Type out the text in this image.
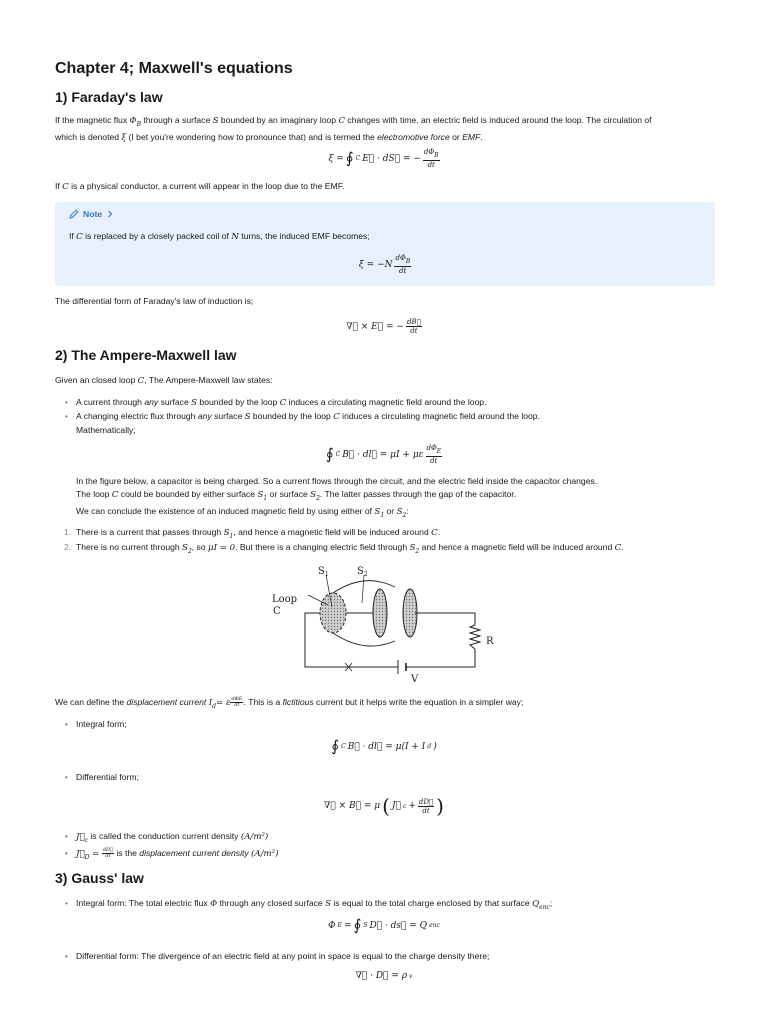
Chapter 4; Maxwell's equations
1) Faraday's law

If the magnetic flux $\Phi_B$ through a surface S bounded by an imaginary loop C changes with time, an electric field is induced around the loop. The circulation of
which is denoted ξ (I bet you're wondering how to pronounce that) and is termed the electromotive force or EMF.

ξ = ∮ C E⃗ · dS⃗ = − $\frac{\text{dΦB}}{dt}$

If C is a physical conductor, a current will appear in the loop due to the EMF.

Note
If C is replaced by a closely packed coil of N turns, the induced EMF becomes;
$\xi = -N \frac{\text{dΦB}}{dt}$

The differential form of Faraday's law of induction is;

∇⃗ × E⃗ = − $\frac{dB⃗}{dt}$
2) The Ampere-Maxwell law

Given an closed loop C, The Ampere-Maxwell law states:

• A current through any surface S bounded by the loop C induces a circulating magnetic field around the loop.
• A changing electric flux through any surface S bounded by the loop C induces a circulating magnetic field around the loop.
Mathematically;
∮ C B⃗ · dl⃗ = μI + με $\frac{\text{dΦE}}{dt}$

In the figure below, a capacitor is being charged. So a current flows through the circuit, and the electric field inside the capacitor changes.
The loop C could be bounded by either surface $S_1$ or surface $S_2$. The latter passes through the gap of the capacitor.
We can conclude the existence of an induced magnetic field by using either of $S_1$ or $S_2$:

1. There is a current that passes through $S_1$, and hence a magnetic field will be induced around C.
2. There is no current through $S_2$, so μI = 0. But there is a changing electric field through $S_2$ and hence a magnetic field will be induced around C.
$S_1$	$S_2$
Loop
C
R
V

We can define the displacement current $I_d= \varepsilon \frac{\text{dΦE}}{dt}$ . This is a fictitious current but it helps write the equation in a simpler way;

• Integral form;
∮ C B⃗ · dl⃗ = μ(I + I d )
• Differential form;
∇⃗ × B⃗ = μ ( J⃗ $c + \frac{dD⃗}{dt}$ )
• $J⃗_c$ is called the conduction current density (A/m²)
• $J⃗_D = \frac{dD⃗}{dt}$ is the displacement current density (A/m²)
3) Gauss' law
• Integral form: The total electric flux Φ through any closed surface S is equal to the total charge enclosed by that surface $Q_{enc}$;
Φ E = ∮ S D⃗ · ds⃗ = Q enc
• Differential form: The divergence of an electric field at any point in space is equal to the charge density there;
∇⃗ · D⃗ = ρ v
